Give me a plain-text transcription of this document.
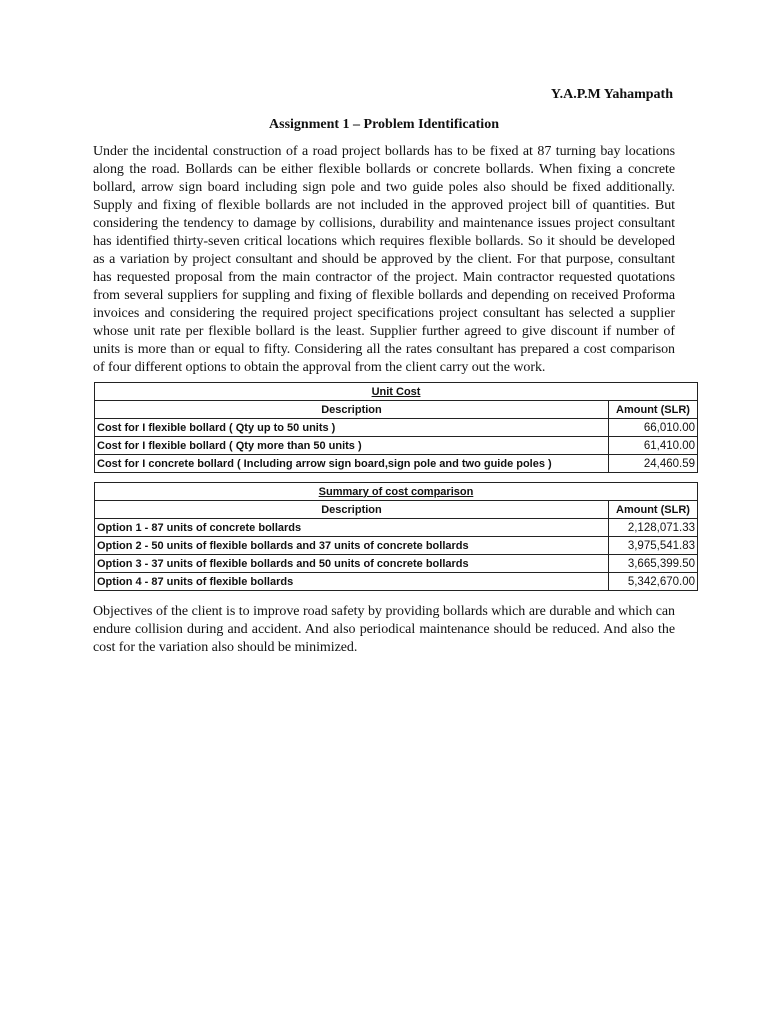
Y.A.P.M Yahampath
Assignment 1 – Problem Identification

Under the incidental construction of a road project bollards has to be fixed at 87 turning bay locations along the road. Bollards can be either flexible bollards or concrete bollards. When fixing a concrete bollard, arrow sign board including sign pole and two guide poles also should be fixed additionally. Supply and fixing of flexible bollards are not included in the approved project bill of quantities. But considering the tendency to damage by collisions, durability and maintenance issues project consultant has identified thirty-seven critical locations which requires flexible bollards. So it should be developed as a variation by project consultant and should be approved by the client. For that purpose, consultant has requested proposal from the main contractor of the project. Main contractor requested quotations from several suppliers for suppling and fixing of flexible bollards and depending on received Proforma invoices and considering the required project specifications project consultant has selected a supplier whose unit rate per flexible bollard is the least. Supplier further agreed to give discount if number of units is more than or equal to fifty. Considering all the rates consultant has prepared a cost comparison of four different options to obtain the approval from the client carry out the work.

Unit Cost	
Description	Amount (SLR)
Cost for I flexible bollard ( Qty up to 50 units )	66,010.00
Cost for I flexible bollard ( Qty more than 50 units )	61,410.00
Cost for I concrete bollard ( Including arrow sign board,sign pole and two guide poles )	24,460.59
Summary of cost comparison	
Description	Amount (SLR)
Option 1 - 87 units of concrete bollards	2,128,071.33
Option 2 - 50 units of flexible bollards and 37 units of concrete bollards	3,975,541.83
Option 3 - 37 units of flexible bollards and 50 units of concrete bollards	3,665,399.50
Option 4 - 87 units of flexible bollards	5,342,670.00

Objectives of the client is to improve road safety by providing bollards which are durable and which can endure collision during and accident. And also periodical maintenance should be reduced. And also the cost for the variation also should be minimized.
